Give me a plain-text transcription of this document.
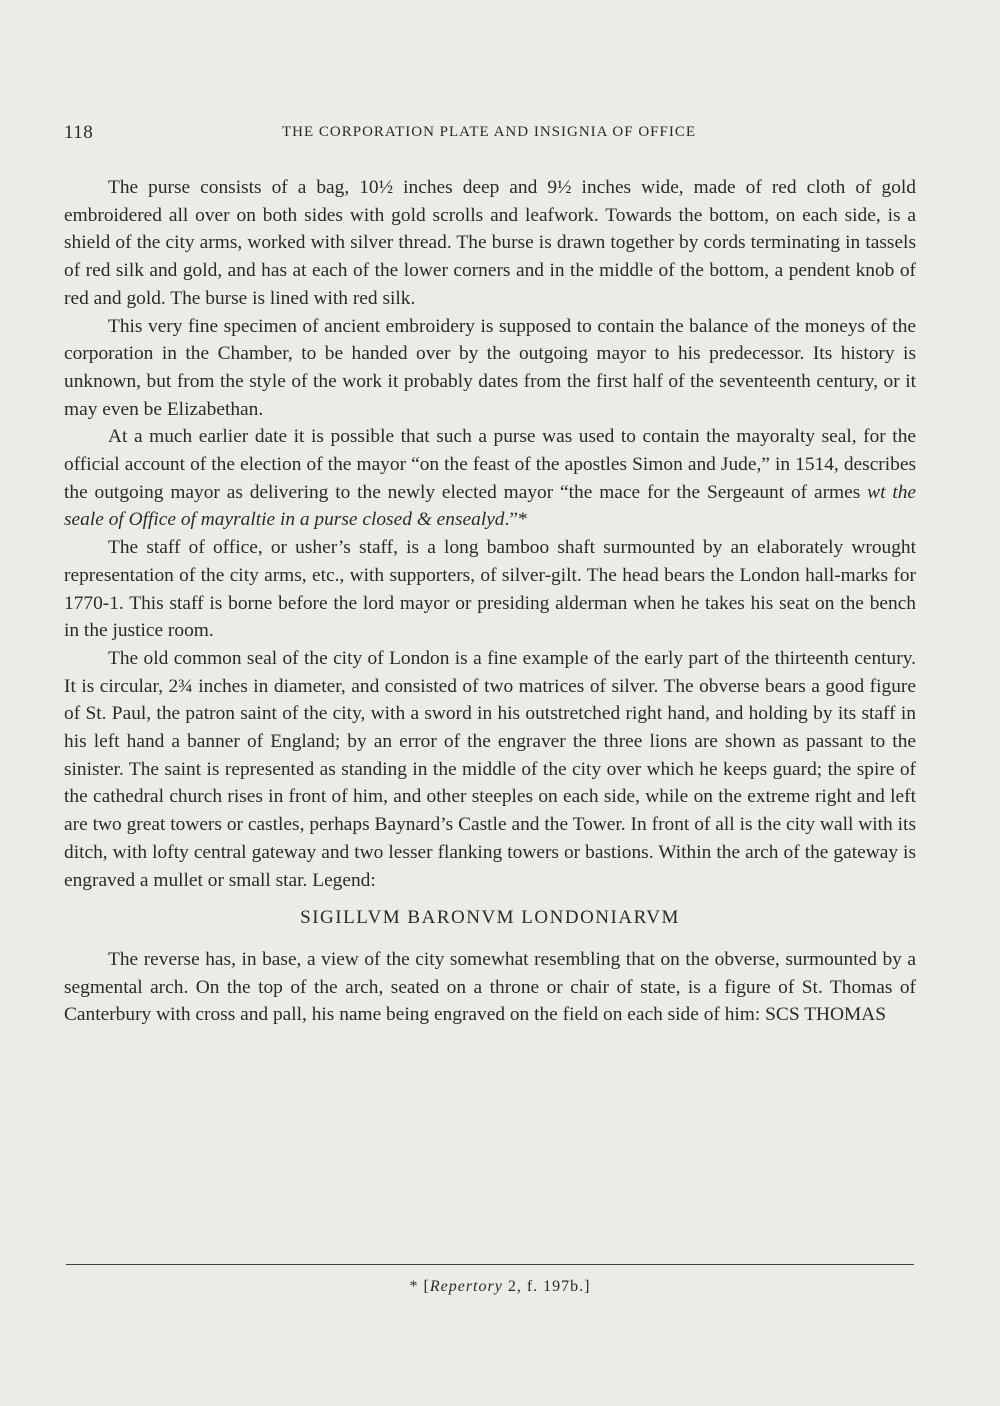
118	THE CORPORATION PLATE AND INSIGNIA OF OFFICE

The purse consists of a bag, 10½ inches deep and 9½ inches wide, made of red cloth of gold embroidered all over on both sides with gold scrolls and leafwork. Towards the bottom, on each side, is a shield of the city arms, worked with silver thread. The burse is drawn together by cords terminating in tassels of red silk and gold, and has at each of the lower corners and in the middle of the bottom, a pendent knob of red and gold. The burse is lined with red silk.

This very fine specimen of ancient embroidery is supposed to contain the balance of the moneys of the corporation in the Chamber, to be handed over by the outgoing mayor to his predecessor. Its history is unknown, but from the style of the work it probably dates from the first half of the seventeenth century, or it may even be Elizabethan.

At a much earlier date it is possible that such a purse was used to contain the mayoralty seal, for the official account of the election of the mayor “on the feast of the apostles Simon and Jude,” in 1514, describes the outgoing mayor as delivering to the newly elected mayor “the mace for the Sergeaunt of armes wt the seale of Office of mayraltie in a purse closed & ensealyd.”*

The staff of office, or usher’s staff, is a long bamboo shaft surmounted by an elaborately wrought representation of the city arms, etc., with supporters, of silver-gilt. The head bears the London hall-marks for 1770-1. This staff is borne before the lord mayor or presiding alderman when he takes his seat on the bench in the justice room.

The old common seal of the city of London is a fine example of the early part of the thirteenth century. It is circular, 2¾ inches in diameter, and consisted of two matrices of silver. The obverse bears a good figure of St. Paul, the patron saint of the city, with a sword in his outstretched right hand, and holding by its staff in his left hand a banner of England; by an error of the engraver the three lions are shown as passant to the sinister. The saint is represented as standing in the middle of the city over which he keeps guard; the spire of the cathedral church rises in front of him, and other steeples on each side, while on the extreme right and left are two great towers or castles, perhaps Baynard’s Castle and the Tower. In front of all is the city wall with its ditch, with lofty central gateway and two lesser flanking towers or bastions. Within the arch of the gateway is engraved a mullet or small star. Legend:

SIGILLVM BARONVM LONDONIARVM

The reverse has, in base, a view of the city somewhat resembling that on the obverse, surmounted by a segmental arch. On the top of the arch, seated on a throne or chair of state, is a figure of St. Thomas of Canterbury with cross and pall, his name being engraved on the field on each side of him: SCS THOMAS

* [Repertory 2, f. 197b.]
